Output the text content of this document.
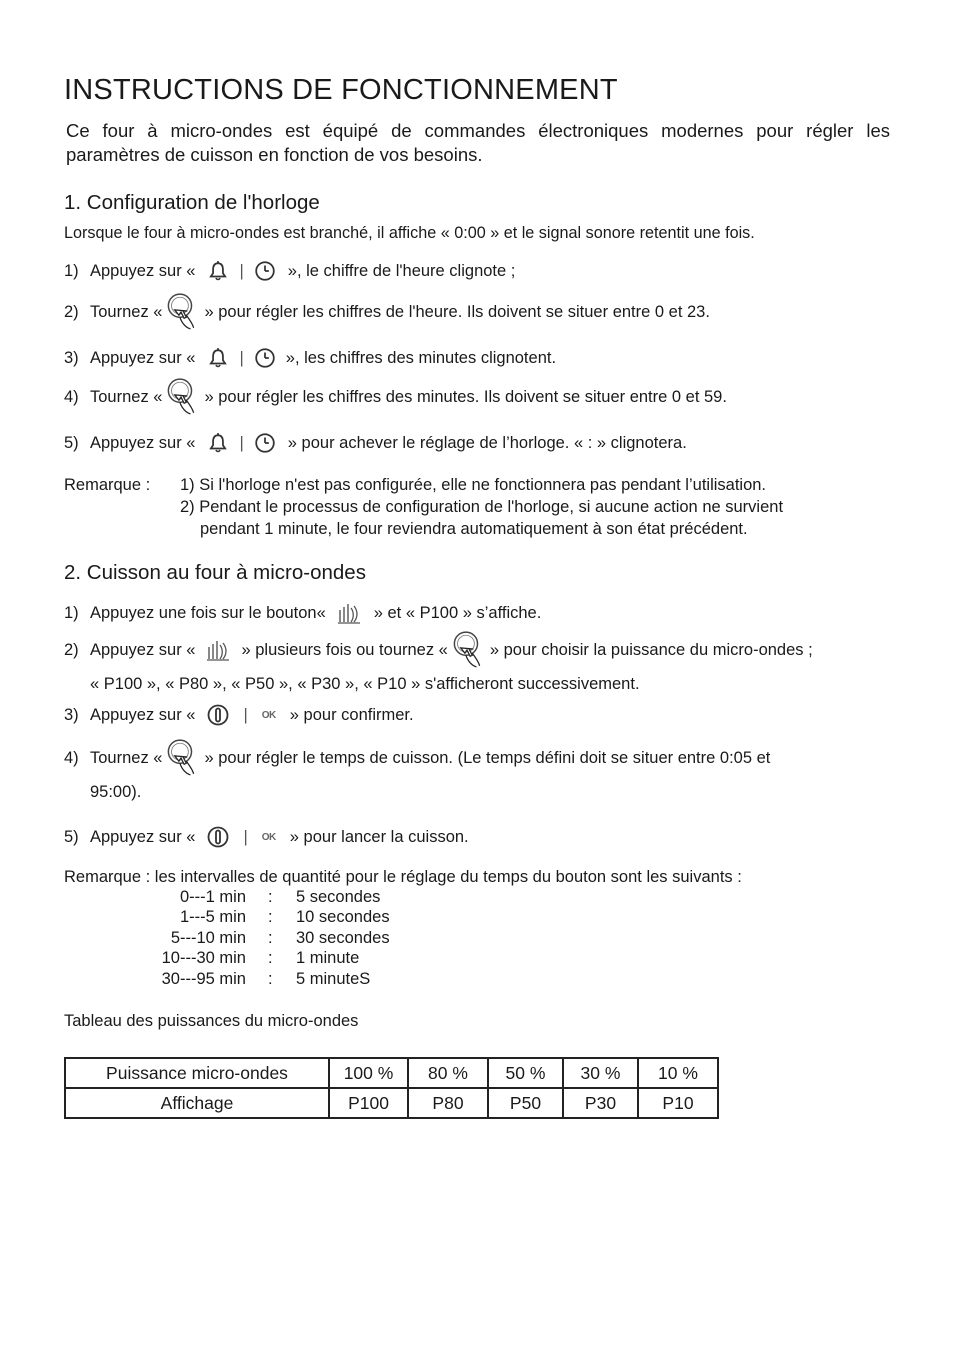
INSTRUCTIONS DE FONCTIONNEMENT
Ce four à micro-ondes est équipé de commandes électroniques modernes pour régler les paramètres de cuisson en fonction de vos besoins.
1. Configuration de l'horloge
Lorsque le four à micro-ondes est branché, il affiche « 0:00 » et le signal sonore retentit une fois.
1) Appuyez sur «	|	», le chiffre de l'heure clignote ;
2) Tournez «	» pour régler les chiffres de l'heure. Ils doivent se situer entre 0 et 23.
3) Appuyez sur «	|	», les chiffres des minutes clignotent.
4) Tournez «	» pour régler les chiffres des minutes. Ils doivent se situer entre 0 et 59.
5) Appuyez sur «	|	» pour achever le réglage de l’horloge. « : » clignotera.
Remarque : 1) Si l'horloge n'est pas configurée, elle ne fonctionnera pas pendant l’utilisation.
2) Pendant le processus de configuration de l'horloge, si aucune action ne survient
pendant 1 minute, le four reviendra automatiquement à son état précédent.
2. Cuisson au four à micro-ondes
1) Appuyez une fois sur le bouton«	» et « P100 » s’affiche.
2) Appuyez sur «	» plusieurs fois ou tournez «	» pour choisir la puissance du micro-ondes ;
« P100 », « P80 », « P50 », « P30 », « P10 » s'afficheront successivement.
3) Appuyez sur «	| OK » pour confirmer.
4) Tournez «	» pour régler le temps de cuisson. (Le temps défini doit se situer entre 0:05 et
95:00).
5) Appuyez sur «	| OK » pour lancer la cuisson.
Remarque : les intervalles de quantité pour le réglage du temps du bouton sont les suivants :
0---1 min : 5 secondes
1---5 min : 10 secondes
5---10 min : 30 secondes
10---30 min : 1 minute
30---95 min : 5 minuteS
Tableau des puissances du micro-ondes
Puissance micro-ondes	100 %	80 %	50 %	30 %	10 %
Affichage	P100	P80	P50	P30	P10
